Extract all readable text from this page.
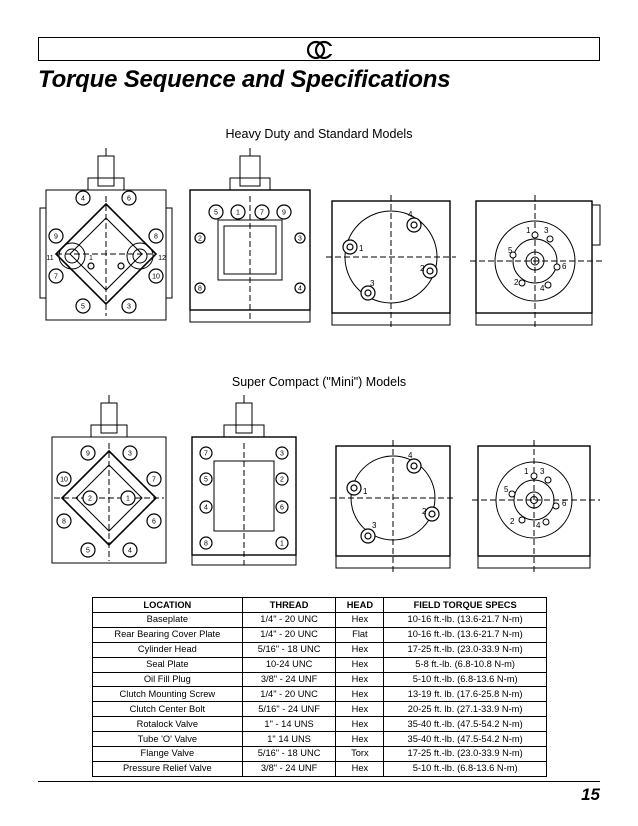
Torque Sequence and Specifications
Heavy Duty and Standard Models
Super Compact ("Mini") Models
4	6
8
10
12
11
7
5	3
9
1
5	1	7	9
2	3
8	4
4
1
2
3
3
1
5
6
2
4
9	3
10	7
2	1
8	6
5	4
7	3
5	2
4	6
8	1
4
1
2
3
3
1
5
6
2	4
LOCATION	THREAD	HEAD	FIELD TORQUE SPECS
Baseplate	1/4" - 20 UNC	Hex	10-16 ft.-lb. (13.6-21.7 N-m)
Rear Bearing Cover Plate	1/4" - 20 UNC	Flat	10-16 ft.-lb. (13.6-21.7 N-m)
Cylinder Head	5/16" - 18 UNC	Hex	17-25 ft.-lb. (23.0-33.9 N-m)
Seal Plate	10-24 UNC	Hex	5-8 ft.-lb. (6.8-10.8 N-m)
Oil Fill Plug	3/8" - 24 UNF	Hex	5-10 ft.-lb. (6.8-13.6 N-m)
Clutch Mounting Screw	1/4" - 20 UNC	Hex	13-19 ft. lb. (17.6-25.8 N-m)
Clutch Center Bolt	5/16" - 24 UNF	Hex	20-25 ft. lb. (27.1-33.9 N-m)
Rotalock Valve	1" - 14 UNS	Hex	35-40 ft.-lb. (47.5-54.2 N-m)
Tube 'O' Valve	1" 14 UNS	Hex	35-40 ft.-lb. (47.5-54.2 N-m)
Flange Valve	5/16" - 18 UNC	Torx	17-25 ft.-lb. (23.0-33.9 N-m)
Pressure Relief Valve	3/8" - 24 UNF	Hex	5-10 ft.-lb. (6.8-13.6 N-m)
15
